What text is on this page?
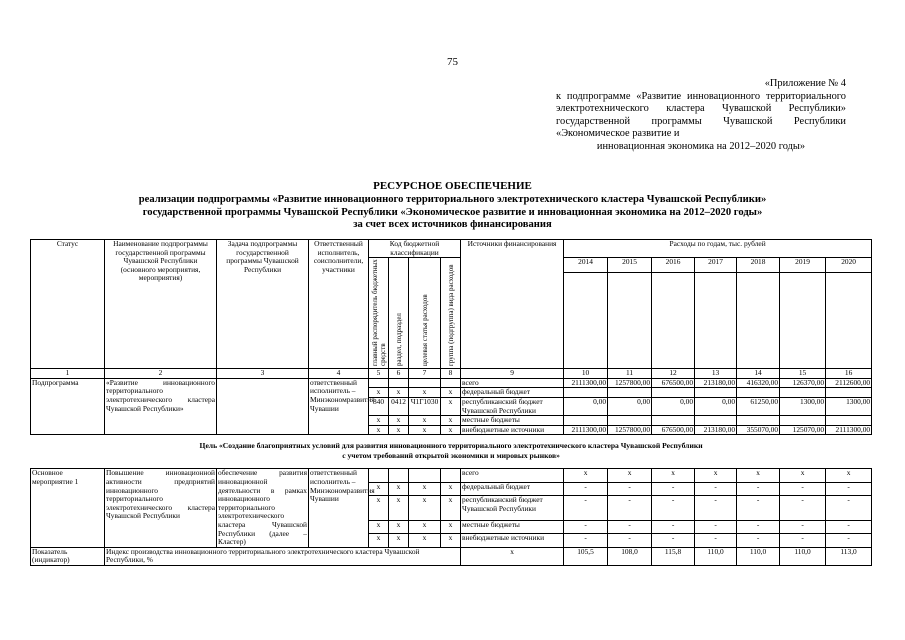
75
«Приложение № 4
к подпрограмме «Развитие инновационного территориального электротехнического кластера Чувашской Республики» государственной программы Чувашской Республики «Экономическое развитие и
инновационная экономика на 2012–2020 годы»
РЕСУРСНОЕ ОБЕСПЕЧЕНИЕ
реализации подпрограммы «Развитие инновационного территориального электротехнического кластера Чувашской Республики»
государственной программы Чувашской Республики «Экономическое развитие и инновационная экономика на 2012–2020 годы»
за счет всех источников финансирования
Статус	Наименование подпрограммы государственной программы Чувашской Республики (основного мероприятия, мероприятия)	Задача подпрограммы государственной программы Чувашской Республики	Ответственный исполнитель, соисполнители, участники	Код бюджетной классификации				Источники финансирования	Расходы по годам, тыс. рублей						

				главный распорядитель бюджетных средств	раздел, подраздел	целевая статья расходов	группа (подгруппа) вида расходов		2014	2015	2016	2017	2018	2019	2020

1	2	3	4	5	6	7	8	9	10	11	12	13	14	15	16
Подпрограмма	«Развитие инновационного территориального электротехнического кластера Чувашской Республики»		ответственный исполнитель – Минэкономразвития Чувашии					всего	2111300,00	1257800,00	676500,00	213180,00	416320,00	126370,00	2112600,00
				x	x	x	x	федеральный бюджет							
				840	0412	Ч1Г1030	x	республиканский бюджет Чувашской Республики	0,00	0,00	0,00	0,00	61250,00	1300,00	1300,00
				x	x	x	x	местные бюджеты							
				x	x	x	x	внебюджетные источники	2111300,00	1257800,00	676500,00	213180,00	355070,00	125070,00	2111300,00

Цель «Создание благоприятных условий для развития инновационного территориального электротехнического кластера Чувашской Республики
с учетом требований открытой экономики и мировых рынков»															

Основное мероприятие 1	Повышение инновационной активности предприятий инновационного территориального электротехнического кластера Чувашской Республики	обеспечение развития инновационной деятельности в рамках инновационного территориального электротехнического кластера Чувашской Республики (далее – Кластер)	ответственный исполнитель – Минэкономразвития Чувашии					всего	x	x	x	x	x	x	x
				x	x	x	x	федеральный бюджет	-	-	-	-	-	-	-
				x	x	x	x	республиканский бюджет Чувашской Республики	-	-	-	-	-	-	-
				x	x	x	x	местные бюджеты	-	-	-	-	-	-	-
				x	x	x	x	внебюджетные источники	-	-	-	-	-	-	-
Показатель (индикатор)	Индекс производства инновационного территориального электротехнического кластера Чувашской Республики, %							x	105,5	108,0	115,8	110,0	110,0	110,0	113,0
